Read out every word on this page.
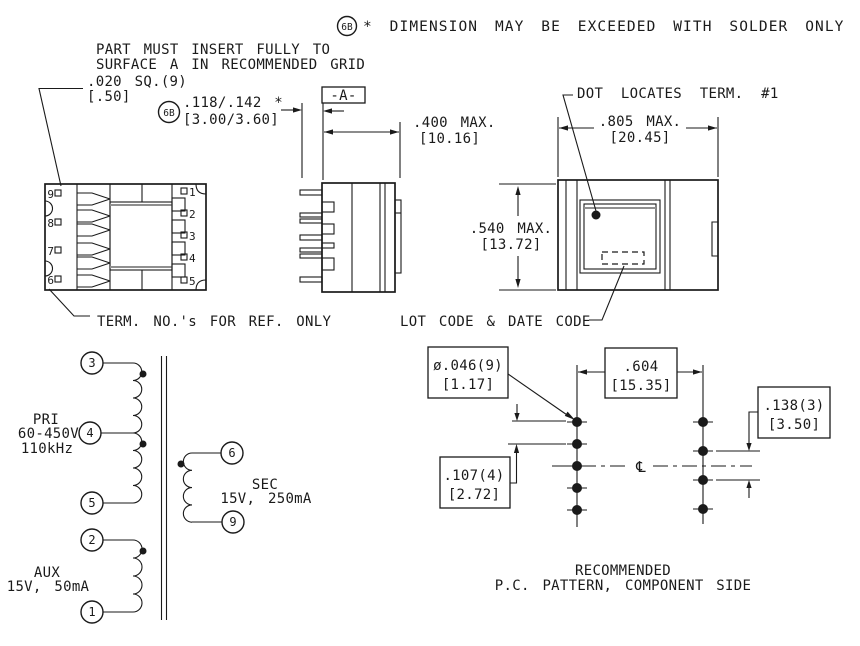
6B * DIMENSION MAY BE EXCEEDED WITH SOLDER ONLY
PART MUST INSERT FULLY TO
SURFACE A IN RECOMMENDED GRID
.020 SQ.(9)
[.50]
6B
.118/.142 *
[3.00/3.60]
-A-
.400 MAX.
[10.16]
9
8
7
6
1
2
3
4
5
TERM. NO.'s FOR REF. ONLY
.805 MAX.
[20.45]
.540 MAX.
[13.72]
DOT LOCATES TERM. #1
LOT CODE & DATE CODE
3
4
5
2
1
6
9
PRI
60-450V
110kHz
AUX
15V, 50mA
SEC
15V, 250mA
℄
ø.046(9)
[1.17]
.604
[15.35]
.138(3)
[3.50]
.107(4)
[2.72]
RECOMMENDED
P.C. PATTERN, COMPONENT SIDE
